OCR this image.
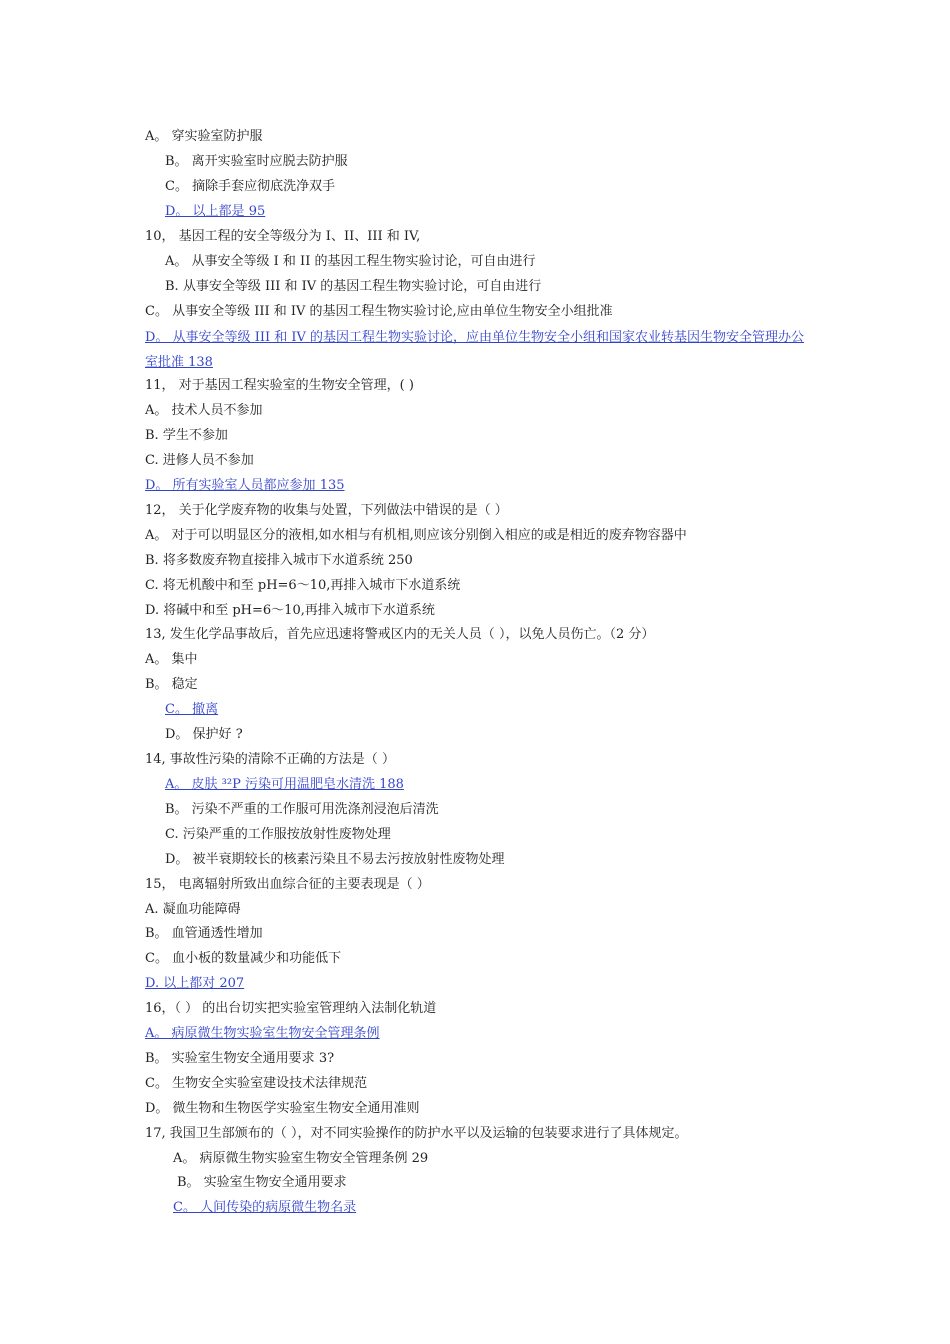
A。 穿实验室防护服
B。 离开实验室时应脱去防护服
C。 摘除手套应彻底洗净双手
D。 以上都是 95
10， 基因工程的安全等级分为 I、II、III 和 IV,
A。 从事安全等级 I 和 II 的基因工程生物实验讨论，可自由进行
B. 从事安全等级 III 和 IV 的基因工程生物实验讨论，可自由进行
C。 从事安全等级 III 和 IV 的基因工程生物实验讨论,应由单位生物安全小组批准
D。 从事安全等级 III 和 IV 的基因工程生物实验讨论，应由单位生物安全小组和国家农业转基因生物安全管理办公室批准 138
11， 对于基因工程实验室的生物安全管理，( )
A。 技术人员不参加
B. 学生不参加
C. 进修人员不参加
D。 所有实验室人员都应参加 135
12， 关于化学废弃物的收集与处置，下列做法中错误的是（ ）
A。 对于可以明显区分的液相,如水相与有机相,则应该分别倒入相应的或是相近的废弃物容器中
B. 将多数废弃物直接排入城市下水道系统 250
C. 将无机酸中和至 pH=6～10,再排入城市下水道系统
D. 将碱中和至 pH=6～10,再排入城市下水道系统
13, 发生化学品事故后，首先应迅速将警戒区内的无关人员（ ），以免人员伤亡。（2 分）
A。 集中
B。 稳定
C。 撤离
D。 保护好 ?
14, 事故性污染的清除不正确的方法是（ ）
A。 皮肤 ³²P 污染可用温肥皂水清洗 188
B。 污染不严重的工作服可用洗涤剂浸泡后清洗
C. 污染严重的工作服按放射性废物处理
D。 被半衰期较长的核素污染且不易去污按放射性废物处理
15， 电离辐射所致出血综合征的主要表现是（ ）
A. 凝血功能障碍
B。 血管通透性增加
C。 血小板的数量减少和功能低下
D. 以上都对 207
16，（ ） 的出台切实把实验室管理纳入法制化轨道
A。 病原微生物实验室生物安全管理条例
B。 实验室生物安全通用要求 3?
C。 生物安全实验室建设技术法律规范
D。 微生物和生物医学实验室生物安全通用准则
17, 我国卫生部颁布的（ ），对不同实验操作的防护水平以及运输的包装要求进行了具体规定。
A。 病原微生物实验室生物安全管理条例 29
B。 实验室生物安全通用要求
C。 人间传染的病原微生物名录
